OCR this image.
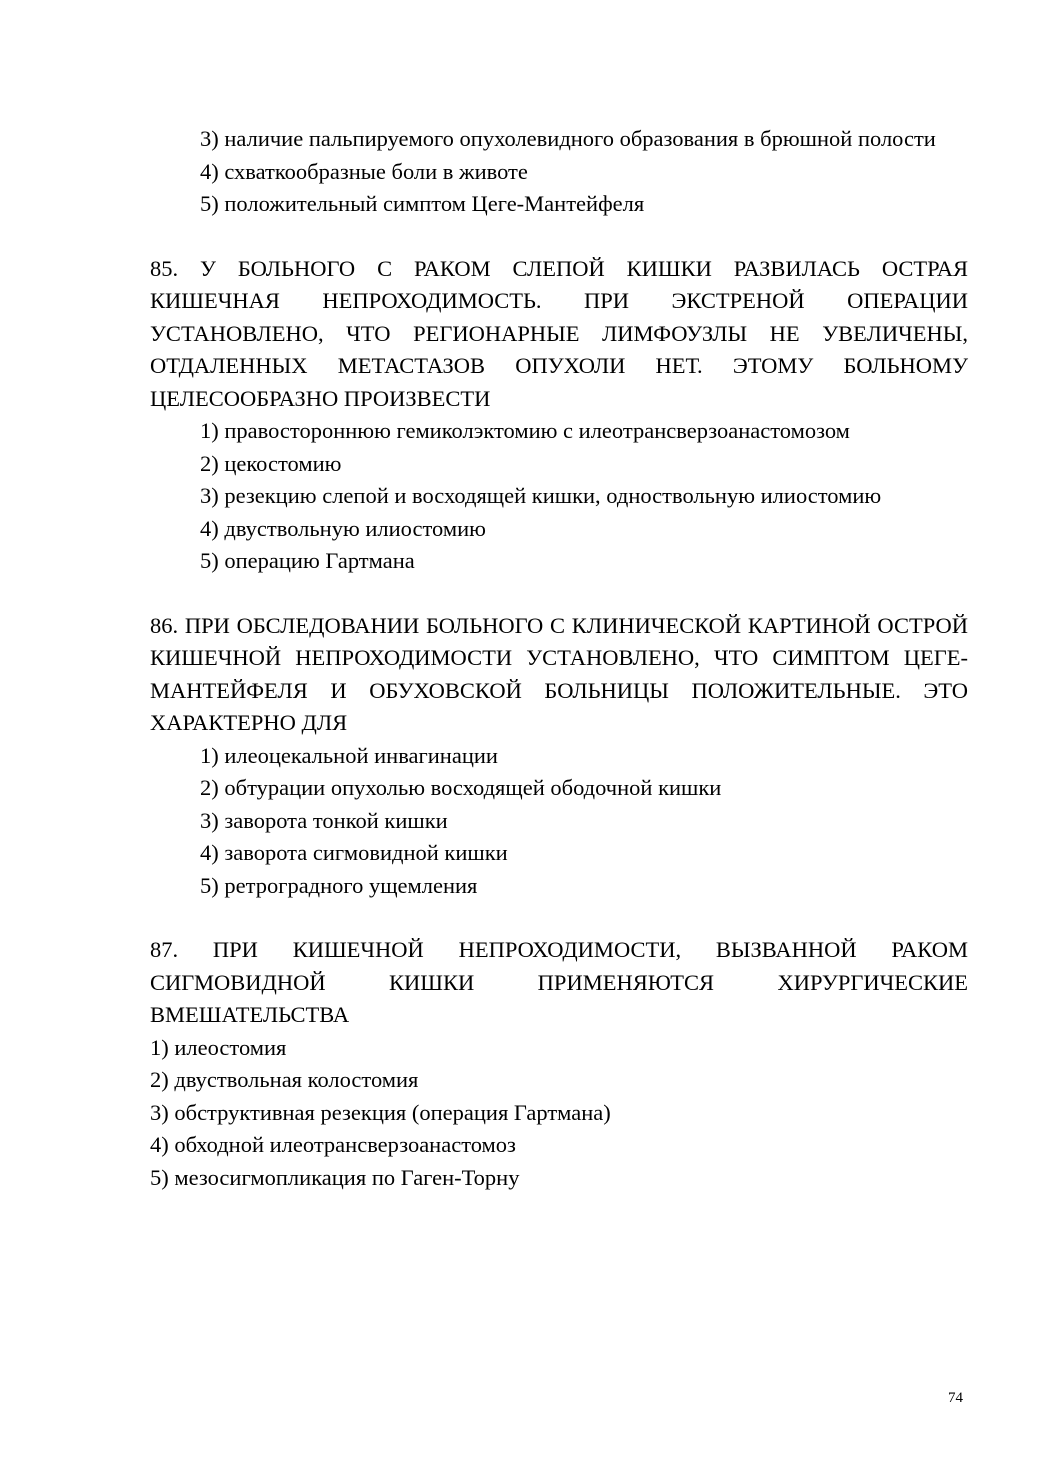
3) наличие пальпируемого опухолевидного образования в брюшной полости

4) схваткообразные боли в животе
5) положительный симптом Цеге-Мантейфеля

85. У БОЛЬНОГО С РАКОМ СЛЕПОЙ КИШКИ РАЗВИЛАСЬ ОСТРАЯ КИШЕЧНАЯ НЕПРОХОДИМОСТЬ. ПРИ ЭКСТРЕНОЙ ОПЕРАЦИИ УСТАНОВЛЕНО, ЧТО РЕГИОНАРНЫЕ ЛИМФОУЗЛЫ НЕ УВЕЛИЧЕНЫ, ОТДАЛЕННЫХ МЕТАСТАЗОВ ОПУХОЛИ НЕТ. ЭТОМУ БОЛЬНОМУ ЦЕЛЕСООБРАЗНО ПРОИЗВЕСТИ

1) правостороннюю гемиколэктомию с илеотрансверзоанастомозом
2) цекостомию
3) резекцию слепой и восходящей кишки, одноствольную илиостомию
4) двуствольную илиостомию
5) операцию Гартмана

86. ПРИ ОБСЛЕДОВАНИИ БОЛЬНОГО С КЛИНИЧЕСКОЙ КАРТИНОЙ ОСТРОЙ КИШЕЧНОЙ НЕПРОХОДИМОСТИ УСТАНОВЛЕНО, ЧТО СИМПТОМ ЦЕГЕ-МАНТЕЙФЕЛЯ И ОБУХОВСКОЙ БОЛЬНИЦЫ ПОЛОЖИТЕЛЬНЫЕ. ЭТО ХАРАКТЕРНО ДЛЯ

1) илеоцекальной инвагинации
2) обтурации опухолью восходящей ободочной кишки
3) заворота тонкой кишки
4) заворота сигмовидной кишки
5) ретроградного ущемления

87. ПРИ КИШЕЧНОЙ НЕПРОХОДИМОСТИ, ВЫЗВАННОЙ РАКОМ СИГМОВИДНОЙ КИШКИ ПРИМЕНЯЮТСЯ ХИРУРГИЧЕСКИЕ ВМЕШАТЕЛЬСТВА

1) илеостомия
2) двуствольная колостомия
3) обструктивная резекция (операция Гартмана)
4) обходной илеотрансверзоанастомоз
5) мезосигмопликация по Гаген-Торну
74
